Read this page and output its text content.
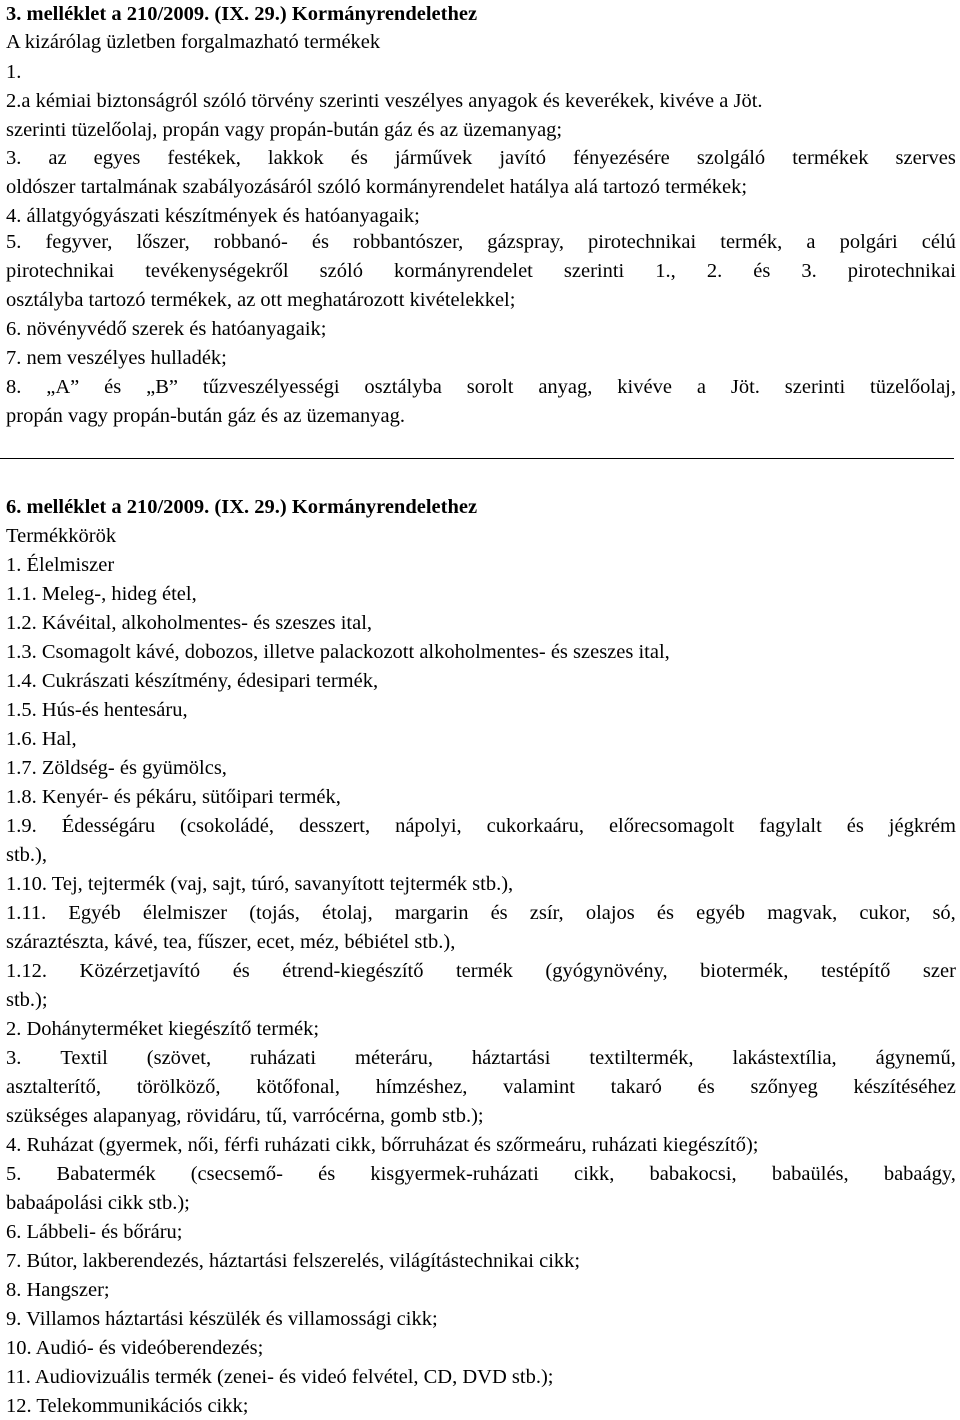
3. melléklet a 210/2009. (IX. 29.) Kormányrendelethez
A kizárólag üzletben forgalmazható termékek
1.
2.a kémiai biztonságról szóló törvény szerinti veszélyes anyagok és keverékek, kivéve a Jöt.
szerinti tüzelőolaj, propán vagy propán-bután gáz és az üzemanyag;
3. az egyes festékek, lakkok és járművek javító fényezésére szolgáló termékek szerves
oldószer tartalmának szabályozásáról szóló kormányrendelet hatálya alá tartozó termékek;
4. állatgyógyászati készítmények és hatóanyagaik;
5. fegyver, lőszer, robbanó- és robbantószer, gázspray, pirotechnikai termék, a polgári célú
pirotechnikai tevékenységekről szóló kormányrendelet szerinti 1., 2. és 3. pirotechnikai
osztályba tartozó termékek, az ott meghatározott kivételekkel;
6. növényvédő szerek és hatóanyagaik;
7. nem veszélyes hulladék;
8. „A” és „B” tűzveszélyességi osztályba sorolt anyag, kivéve a Jöt. szerinti tüzelőolaj,
propán vagy propán-bután gáz és az üzemanyag.
6. melléklet a 210/2009. (IX. 29.) Kormányrendelethez
Termékkörök
1. Élelmiszer
1.1. Meleg-, hideg étel,
1.2. Kávéital, alkoholmentes- és szeszes ital,
1.3. Csomagolt kávé, dobozos, illetve palackozott alkoholmentes- és szeszes ital,
1.4. Cukrászati készítmény, édesipari termék,
1.5. Hús-és hentesáru,
1.6. Hal,
1.7. Zöldség- és gyümölcs,
1.8. Kenyér- és pékáru, sütőipari termék,
1.9. Édességáru (csokoládé, desszert, nápolyi, cukorkaáru, előrecsomagolt fagylalt és jégkrém
stb.),
1.10. Tej, tejtermék (vaj, sajt, túró, savanyított tejtermék stb.),
1.11. Egyéb élelmiszer (tojás, étolaj, margarin és zsír, olajos és egyéb magvak, cukor, só,
száraztészta, kávé, tea, fűszer, ecet, méz, bébiétel stb.),
1.12. Közérzetjavító és étrend-kiegészítő termék (gyógynövény, biotermék, testépítő szer
stb.);
2. Dohányterméket kiegészítő termék;
3. Textil (szövet, ruházati méteráru, háztartási textiltermék, lakástextília, ágynemű,
asztalterítő, törölköző, kötőfonal, hímzéshez, valamint takaró és szőnyeg készítéséhez
szükséges alapanyag, rövidáru, tű, varrócérna, gomb stb.);
4. Ruházat (gyermek, női, férfi ruházati cikk, bőrruházat és szőrmeáru, ruházati kiegészítő);
5. Babatermék (csecsemő- és kisgyermek-ruházati cikk, babakocsi, babaülés, babaágy,
babaápolási cikk stb.);
6. Lábbeli- és bőráru;
7. Bútor, lakberendezés, háztartási felszerelés, világítástechnikai cikk;
8. Hangszer;
9. Villamos háztartási készülék és villamossági cikk;
10. Audió- és videóberendezés;
11. Audiovizuális termék (zenei- és videó felvétel, CD, DVD stb.);
12. Telekommunikációs cikk;
